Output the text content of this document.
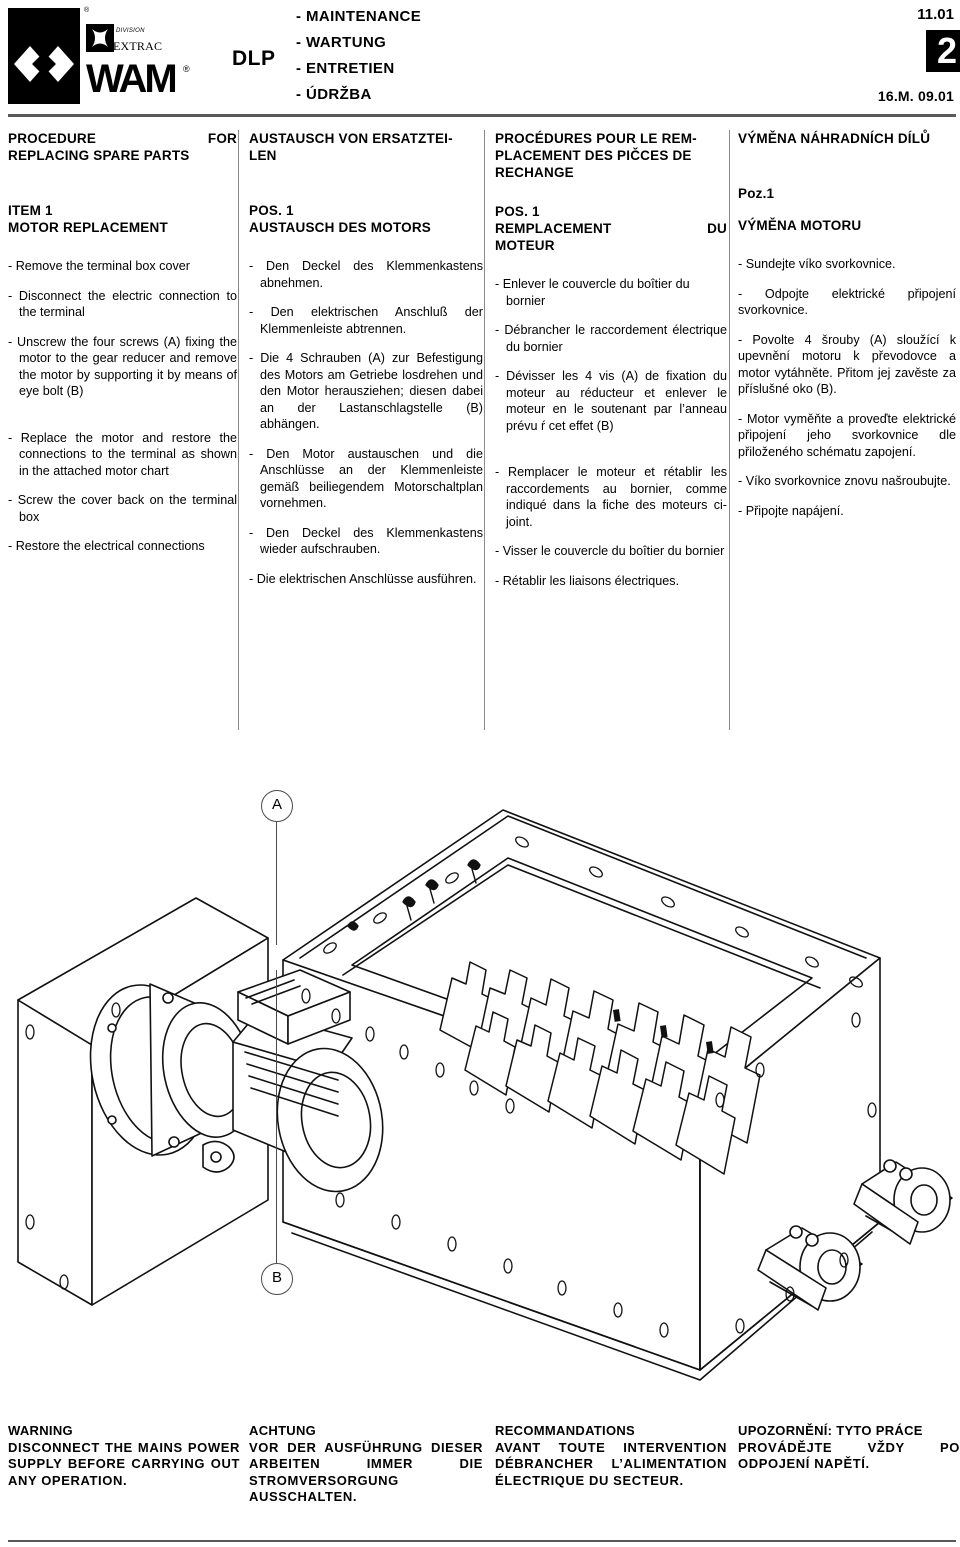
®
DIVISION
EXTRAC
WAM ® DLP
- MAINTENANCE
- WARTUNG
- ENTRETIEN
- ÚDRŽBA
11.01
2
16.M. 09.01
PROCEDURE FOR
REPLACING SPARE PARTS
ITEM 1
MOTOR REPLACEMENT

- Remove the terminal box cover

- Disconnect the electric connection to the terminal

- Unscrew the four screws (A) fixing the motor to the gear reducer and remove the motor by supporting it by means of eye bolt (B)

- Replace the motor and restore the connections to the terminal as shown in the attached motor chart

- Screw the cover back on the terminal box

- Restore the electrical connections

AUSTAUSCH VON ERSATZTEI-
LEN
POS. 1
AUSTAUSCH DES MOTORS

- Den Deckel des Klemmenkastens abnehmen.

- Den elektrischen Anschluß der Klemmenleiste abtrennen.

- Die 4 Schrauben (A) zur Befestigung des Motors am Getriebe losdrehen und den Motor herausziehen; diesen dabei an der Lastanschlagstelle (B) abhängen.

- Den Motor austauschen und die Anschlüsse an der Klemmenleiste gemäß beiliegendem Motorschaltplan vornehmen.

- Den Deckel des Klemmenkastens wieder aufschrauben.

- Die elektrischen Anschlüsse ausführen.

PROCÉDURES POUR LE REM-
PLACEMENT DES PIČCES DE
RECHANGE
POS. 1
REMPLACEMENT DU
MOTEUR

- Enlever le couvercle du boîtier du bornier

- Débrancher le raccordement électrique du bornier

- Dévisser les 4 vis (A) de fixation du moteur au réducteur et enlever le moteur en le soutenant par l’anneau prévu ŕ cet effet (B)

- Remplacer le moteur et rétablir les raccordements au bornier, comme indiqué dans la fiche des moteurs ci-joint.

- Visser le couvercle du boîtier du bornier

- Rétablir les liaisons électriques.

VÝMĚNA NÁHRADNÍCH DÍLŮ
Poz.1
VÝMĚNA MOTORU

- Sundejte víko svorkovnice.

- Odpojte elektrické připojení svorkovnice.

- Povolte 4 šrouby (A) sloužící k upevnění motoru k převodovce a motor vytáhněte. Přitom jej zavěste za příslušné oko (B).

- Motor vyměňte a proveďte elektrické připojení jeho svorkovnice dle přiloženého schématu zapojení.

- Víko svorkovnice znovu našroubujte.

- Připojte napájení.

A
B
WARNING
DISCONNECT THE MAINS POWER SUPPLY BEFORE CARRYING OUT ANY OPERATION.
ACHTUNG
VOR DER AUSFÜHRUNG DIESER ARBEITEN IMMER DIE STROMVERSORGUNG AUSSCHALTEN.
RECOMMANDATIONS
AVANT TOUTE INTERVENTION DÉBRANCHER L’ALIMENTATION ÉLECTRIQUE DU SECTEUR.
UPOZORNĚNÍ: TYTO PRÁCE
PROVÁDĚJTE VŽDY PO ODPOJENÍ NAPĚTÍ.
